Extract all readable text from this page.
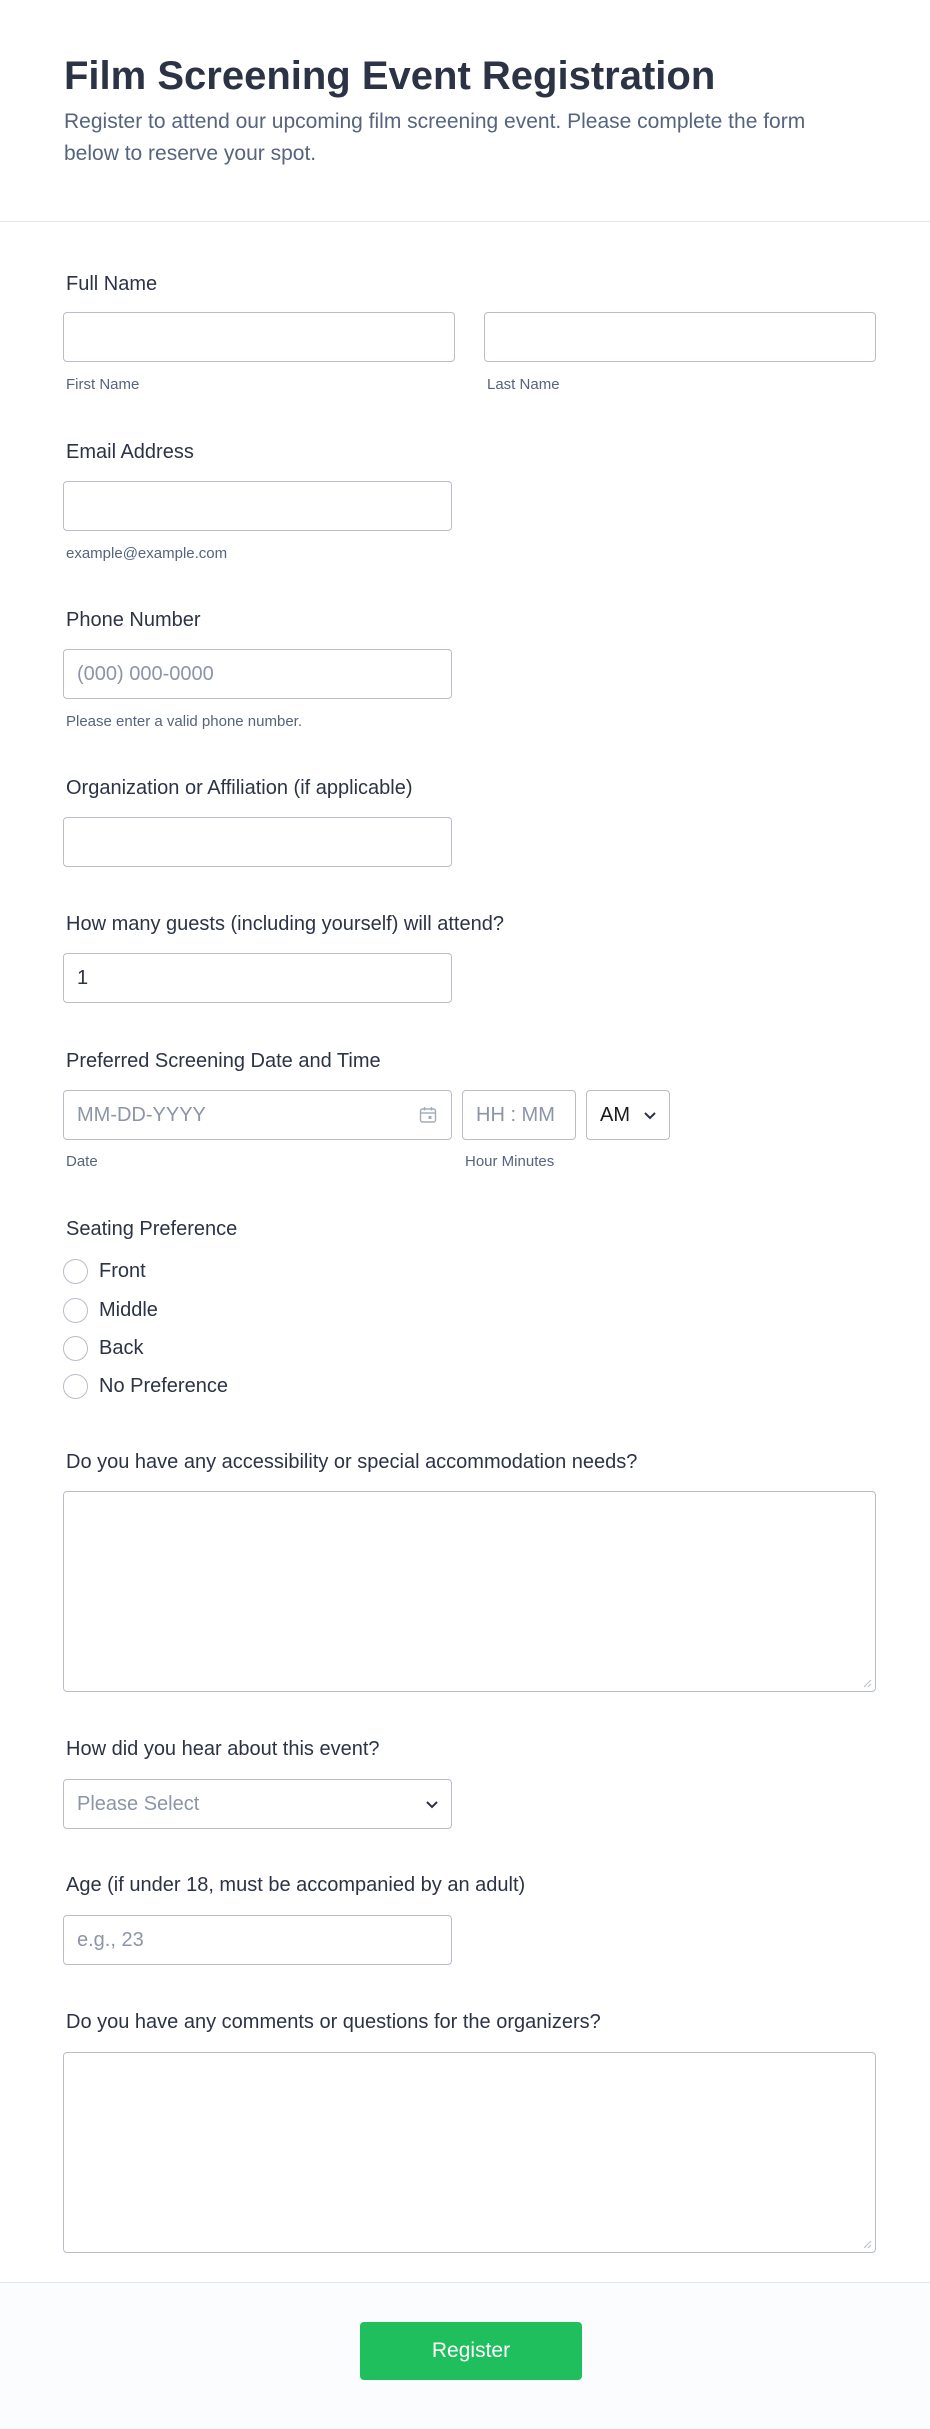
Film Screening Event Registration

Register to attend our upcoming film screening event. Please complete the form below to reserve your spot.

Full Name
First Name	Last Name
Email Address
example@example.com
Phone Number
(000) 000-0000
Please enter a valid phone number.
Organization or Affiliation (if applicable)
How many guests (including yourself) will attend?
1
Preferred Screening Date and Time
MM-DD-YYYY	HH : MM	AM
Date	Hour Minutes
Seating Preference
Front
Middle
Back
No Preference
Do you have any accessibility or special accommodation needs?
How did you hear about this event?
Please Select
Age (if under 18, must be accompanied by an adult)
e.g., 23
Do you have any comments or questions for the organizers?
Register
